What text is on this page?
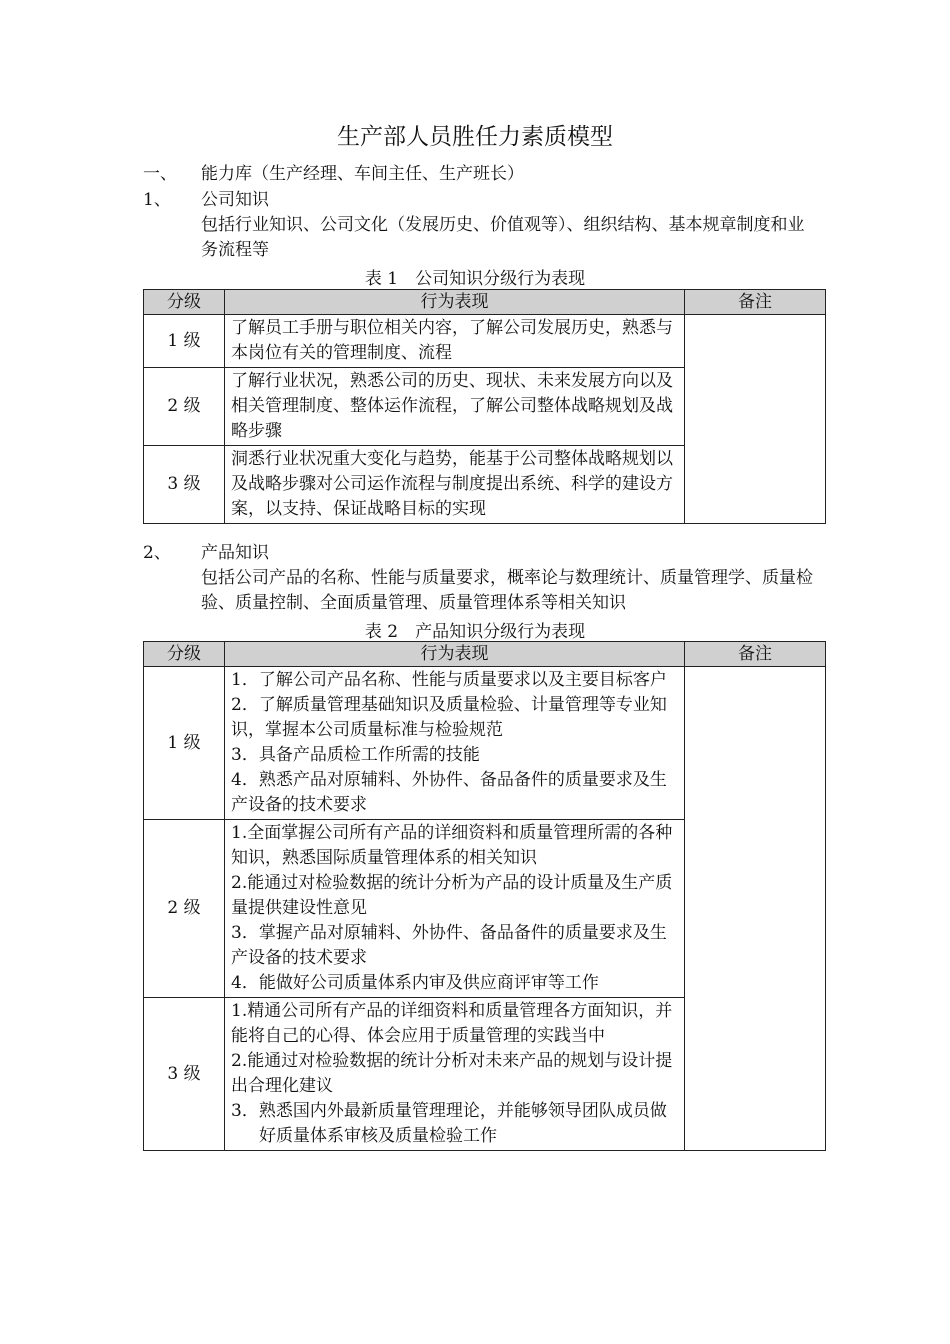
生产部人员胜任力素质模型
一、 能力库（生产经理、车间主任、生产班长）
1、 公司知识
包括行业知识、公司文化（发展历史、价值观等）、组织结构、基本规章制度和业务流程等
表 1　公司知识分级行为表现
分级	行为表现	备注
1 级	了解员工手册与职位相关内容，了解公司发展历史，熟悉与本岗位有关的管理制度、流程	

2 级	了解行业状况，熟悉公司的历史、现状、未来发展方向以及相关管理制度、整体运作流程，了解公司整体战略规划及战略步骤	

3 级	洞悉行业状况重大变化与趋势，能基于公司整体战略规划以及战略步骤对公司运作流程与制度提出系统、科学的建设方案，以支持、保证战略目标的实现	
2、 产品知识
包括公司产品的名称、性能与质量要求，概率论与数理统计、质量管理学、质量检验、质量控制、全面质量管理、质量管理体系等相关知识
表 2　产品知识分级行为表现
分级	行为表现	备注
1 级	1．了解公司产品名称、性能与质量要求以及主要目标客户
2．了解质量管理基础知识及质量检验、计量管理等专业知识，掌握本公司质量标准与检验规范
3．具备产品质检工作所需的技能
4．熟悉产品对原辅料、外协件、备品备件的质量要求及生产设备的技术要求	

2 级	1.全面掌握公司所有产品的详细资料和质量管理所需的各种知识，熟悉国际质量管理体系的相关知识
2.能通过对检验数据的统计分析为产品的设计质量及生产质量提供建设性意见
3．掌握产品对原辅料、外协件、备品备件的质量要求及生产设备的技术要求
4．能做好公司质量体系内审及供应商评审等工作	

3 级	1.精通公司所有产品的详细资料和质量管理各方面知识，并能将自己的心得、体会应用于质量管理的实践当中
2.能通过对检验数据的统计分析对未来产品的规划与设计提出合理化建议
3．熟悉国内外最新质量管理理论，并能够领导团队成员做好质量体系审核及质量检验工作	
